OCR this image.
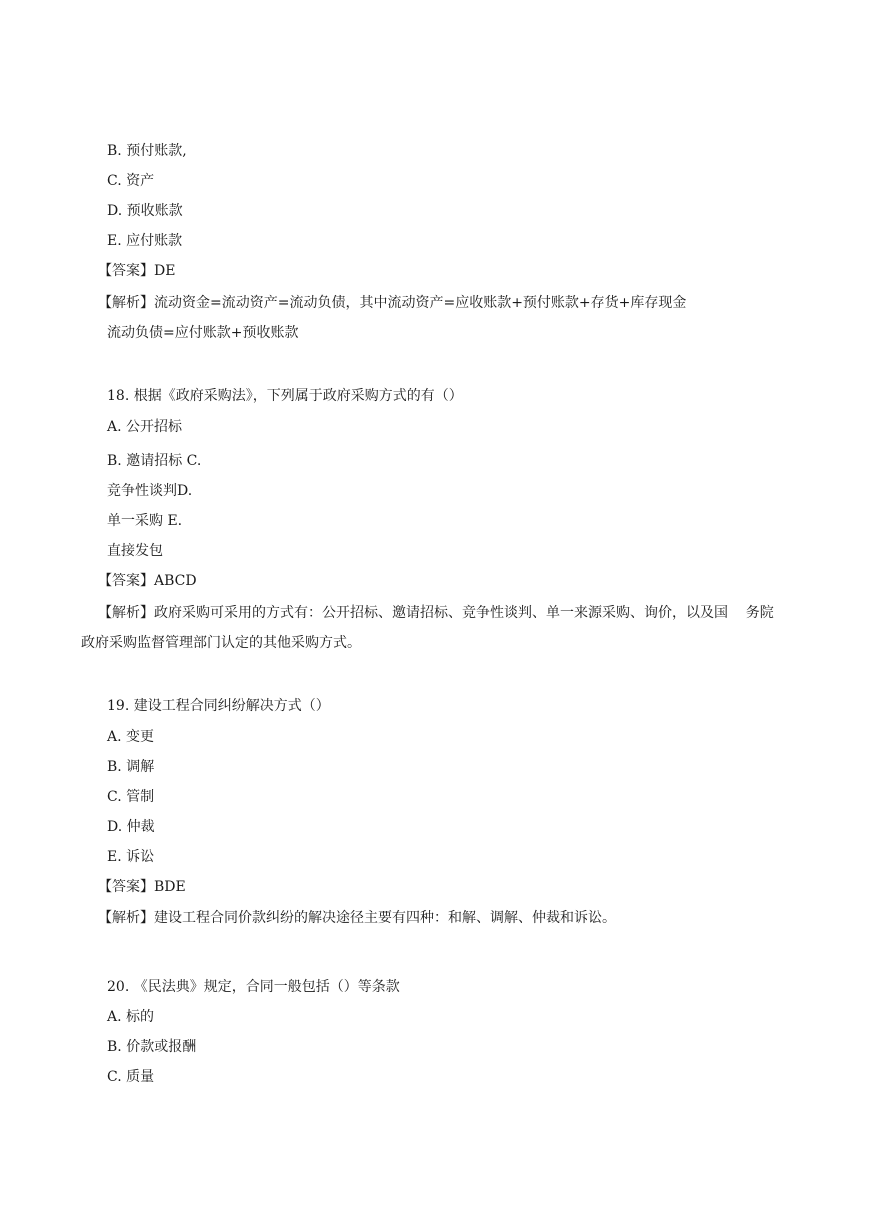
B. 预付账款,
C. 资产
D. 预收账款
E. 应付账款
【答案】DE
【解析】流动资金=流动资产=流动负债，其中流动资产=应收账款+预付账款+存货+库存现金
流动负债=应付账款+预收账款
18. 根据《政府采购法》，下列属于政府采购方式的有（）
A. 公开招标
B. 邀请招标 C.
竞争性谈判D.
单一采购 E.
直接发包
【答案】ABCD
【解析】政府采购可采用的方式有：公开招标、邀请招标、竞争性谈判、单一来源采购、询价，以及国    务院
政府采购监督管理部门认定的其他采购方式。
19. 建设工程合同纠纷解决方式（）
A. 变更
B. 调解
C. 管制
D. 仲裁
E. 诉讼
【答案】BDE
【解析】建设工程合同价款纠纷的解决途径主要有四种：和解、调解、仲裁和诉讼。
20. 《民法典》规定，合同一般包括（）等条款
A. 标的
B. 价款或报酬
C. 质量
